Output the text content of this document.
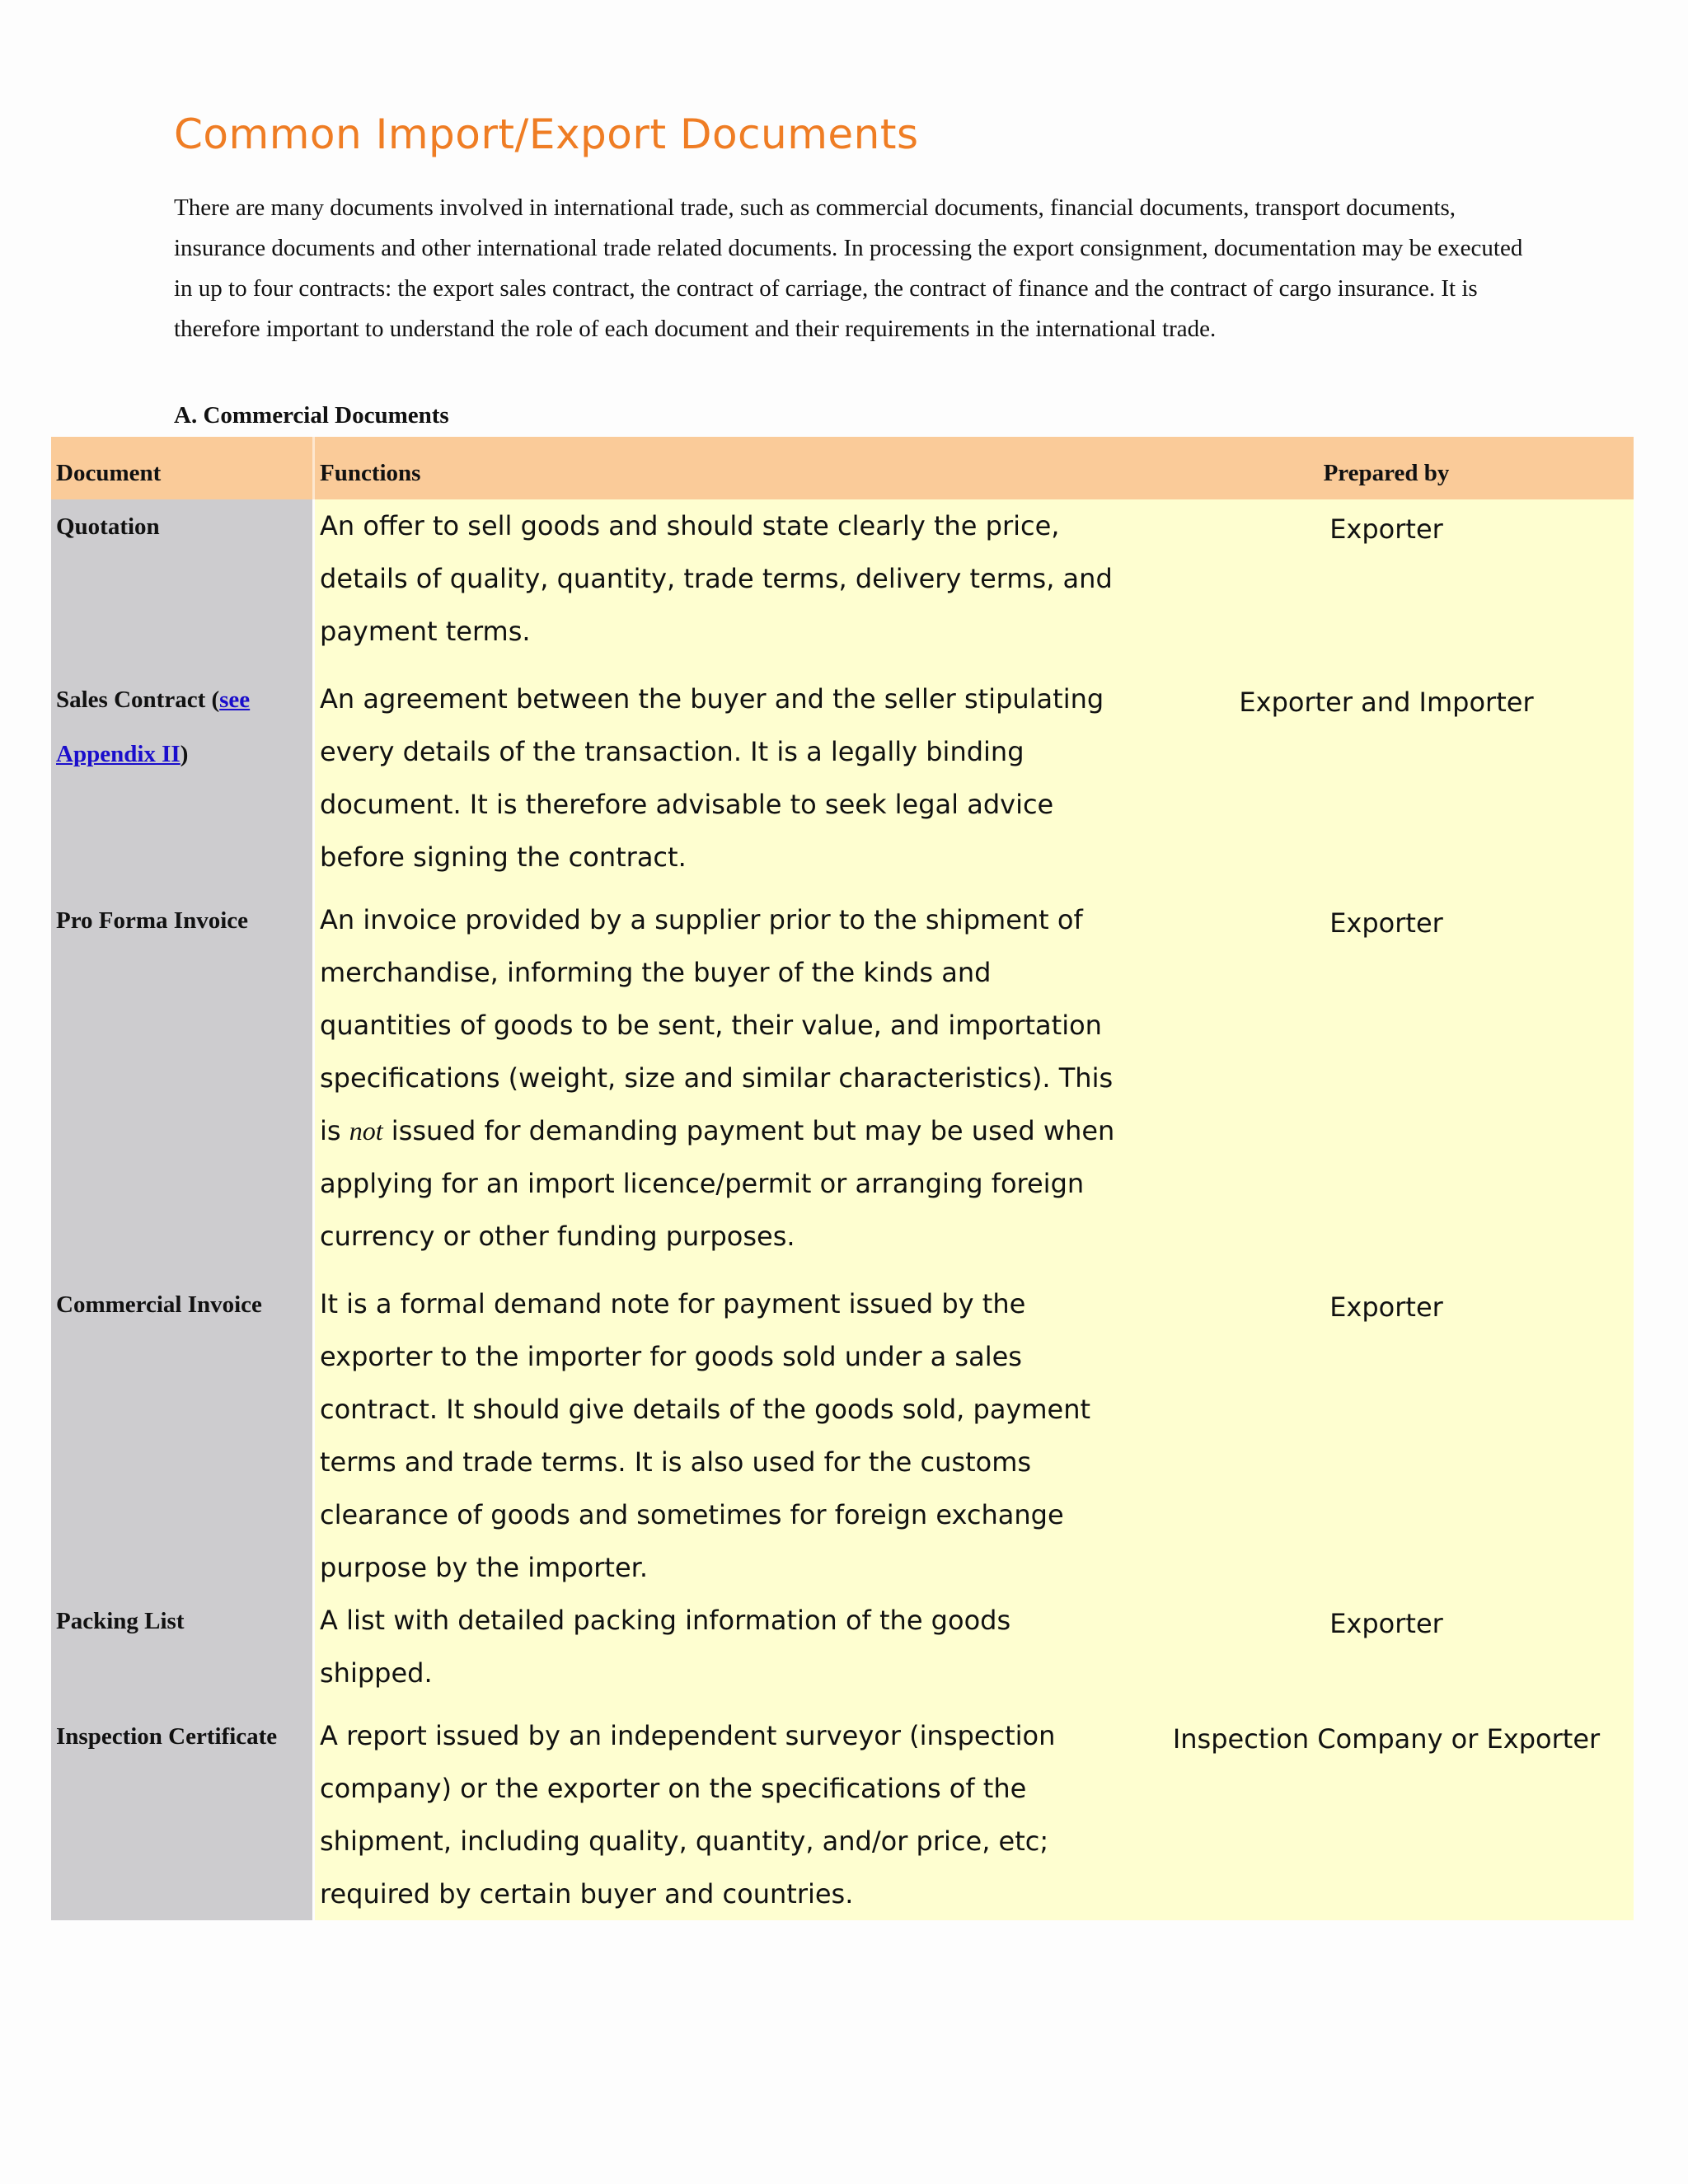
Common Import/Export Documents

There are many documents involved in international trade, such as commercial documents, financial documents, transport documents, insurance documents and other international trade related documents. In processing the export consignment, documentation may be executed in up to four contracts: the export sales contract, the contract of carriage, the contract of finance and the contract of cargo insurance. It is therefore important to understand the role of each document and their requirements in the international trade.

A. Commercial Documents
Document	Functions	Prepared by
Quotation	An offer to sell goods and should state clearly the price, details of quality, quantity, trade terms, delivery terms, and payment terms.	Exporter
Sales Contract (see Appendix II)	An agreement between the buyer and the seller stipulating every details of the transaction. It is a legally binding document. It is therefore advisable to seek legal advice before signing the contract.	Exporter and Importer
Pro Forma Invoice	An invoice provided by a supplier prior to the shipment of merchandise, informing the buyer of the kinds and quantities of goods to be sent, their value, and importation specifications (weight, size and similar characteristics). This is not issued for demanding payment but may be used when applying for an import licence/permit or arranging foreign currency or other funding purposes.	Exporter
Commercial Invoice	It is a formal demand note for payment issued by the exporter to the importer for goods sold under a sales contract. It should give details of the goods sold, payment terms and trade terms. It is also used for the customs clearance of goods and sometimes for foreign exchange purpose by the importer.	Exporter
Packing List	A list with detailed packing information of the goods shipped.	Exporter
Inspection Certificate	A report issued by an independent surveyor (inspection company) or the exporter on the specifications of the shipment, including quality, quantity, and/or price, etc; required by certain buyer and countries.	Inspection Company or Exporter
